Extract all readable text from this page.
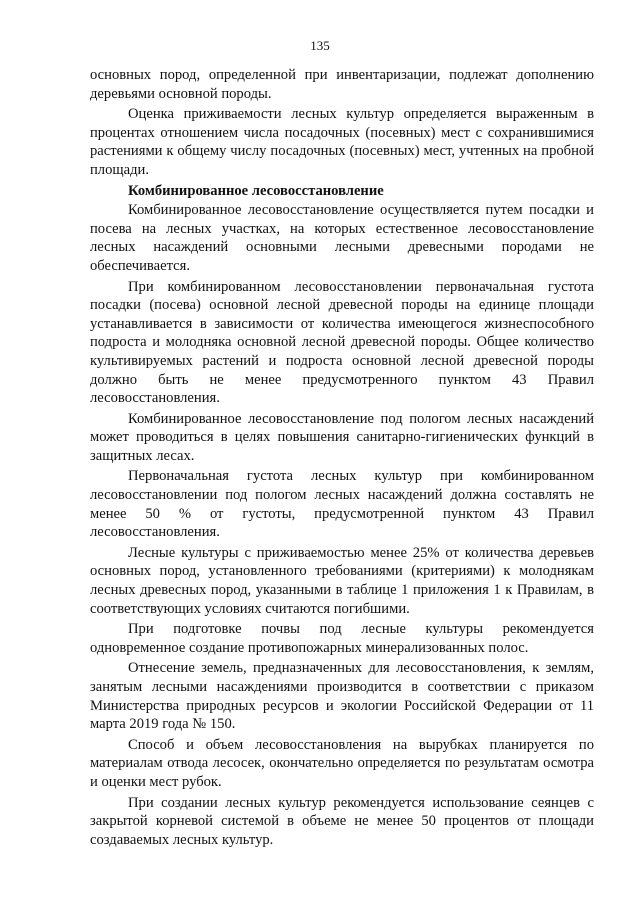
135

основных пород, определенной при инвентаризации, подлежат дополнению деревьями основной породы.

Оценка приживаемости лесных культур определяется выраженным в процентах отношением числа посадочных (посевных) мест с сохранившимися растениями к общему числу посадочных (посевных) мест, учтенных на пробной площади.

Комбинированное лесовосстановление

Комбинированное лесовосстановление осуществляется путем посадки и посева на лесных участках, на которых естественное лесовосстановление лесных насаждений основными лесными древесными породами не обеспечивается.

При комбинированном лесовосстановлении первоначальная густота посадки (посева) основной лесной древесной породы на единице площади устанавливается в зависимости от количества имеющегося жизнеспособного подроста и молодняка основной лесной древесной породы. Общее количество культивируемых растений и подроста основной лесной древесной породы должно быть не менее предусмотренного пунктом 43 Правил лесовосстановления.

Комбинированное лесовосстановление под пологом лесных насаждений может проводиться в целях повышения санитарно-гигиенических функций в защитных лесах.

Первоначальная густота лесных культур при комбинированном лесовосстановлении под пологом лесных насаждений должна составлять не менее 50 % от густоты, предусмотренной пунктом 43 Правил лесовосстановления.

Лесные культуры с приживаемостью менее 25% от количества деревьев основных пород, установленного требованиями (критериями) к молоднякам лесных древесных пород, указанными в таблице 1 приложения 1 к Правилам, в соответствующих условиях считаются погибшими.

При подготовке почвы под лесные культуры рекомендуется одновременное создание противопожарных минерализованных полос.

Отнесение земель, предназначенных для лесовосстановления, к землям, занятым лесными насаждениями производится в соответствии с приказом Министерства природных ресурсов и экологии Российской Федерации от 11 марта 2019 года № 150.

Способ и объем лесовосстановления на вырубках планируется по материалам отвода лесосек, окончательно определяется по результатам осмотра и оценки мест рубок.

При создании лесных культур рекомендуется использование сеянцев с закрытой корневой системой в объеме не менее 50 процентов от площади создаваемых лесных культур.
